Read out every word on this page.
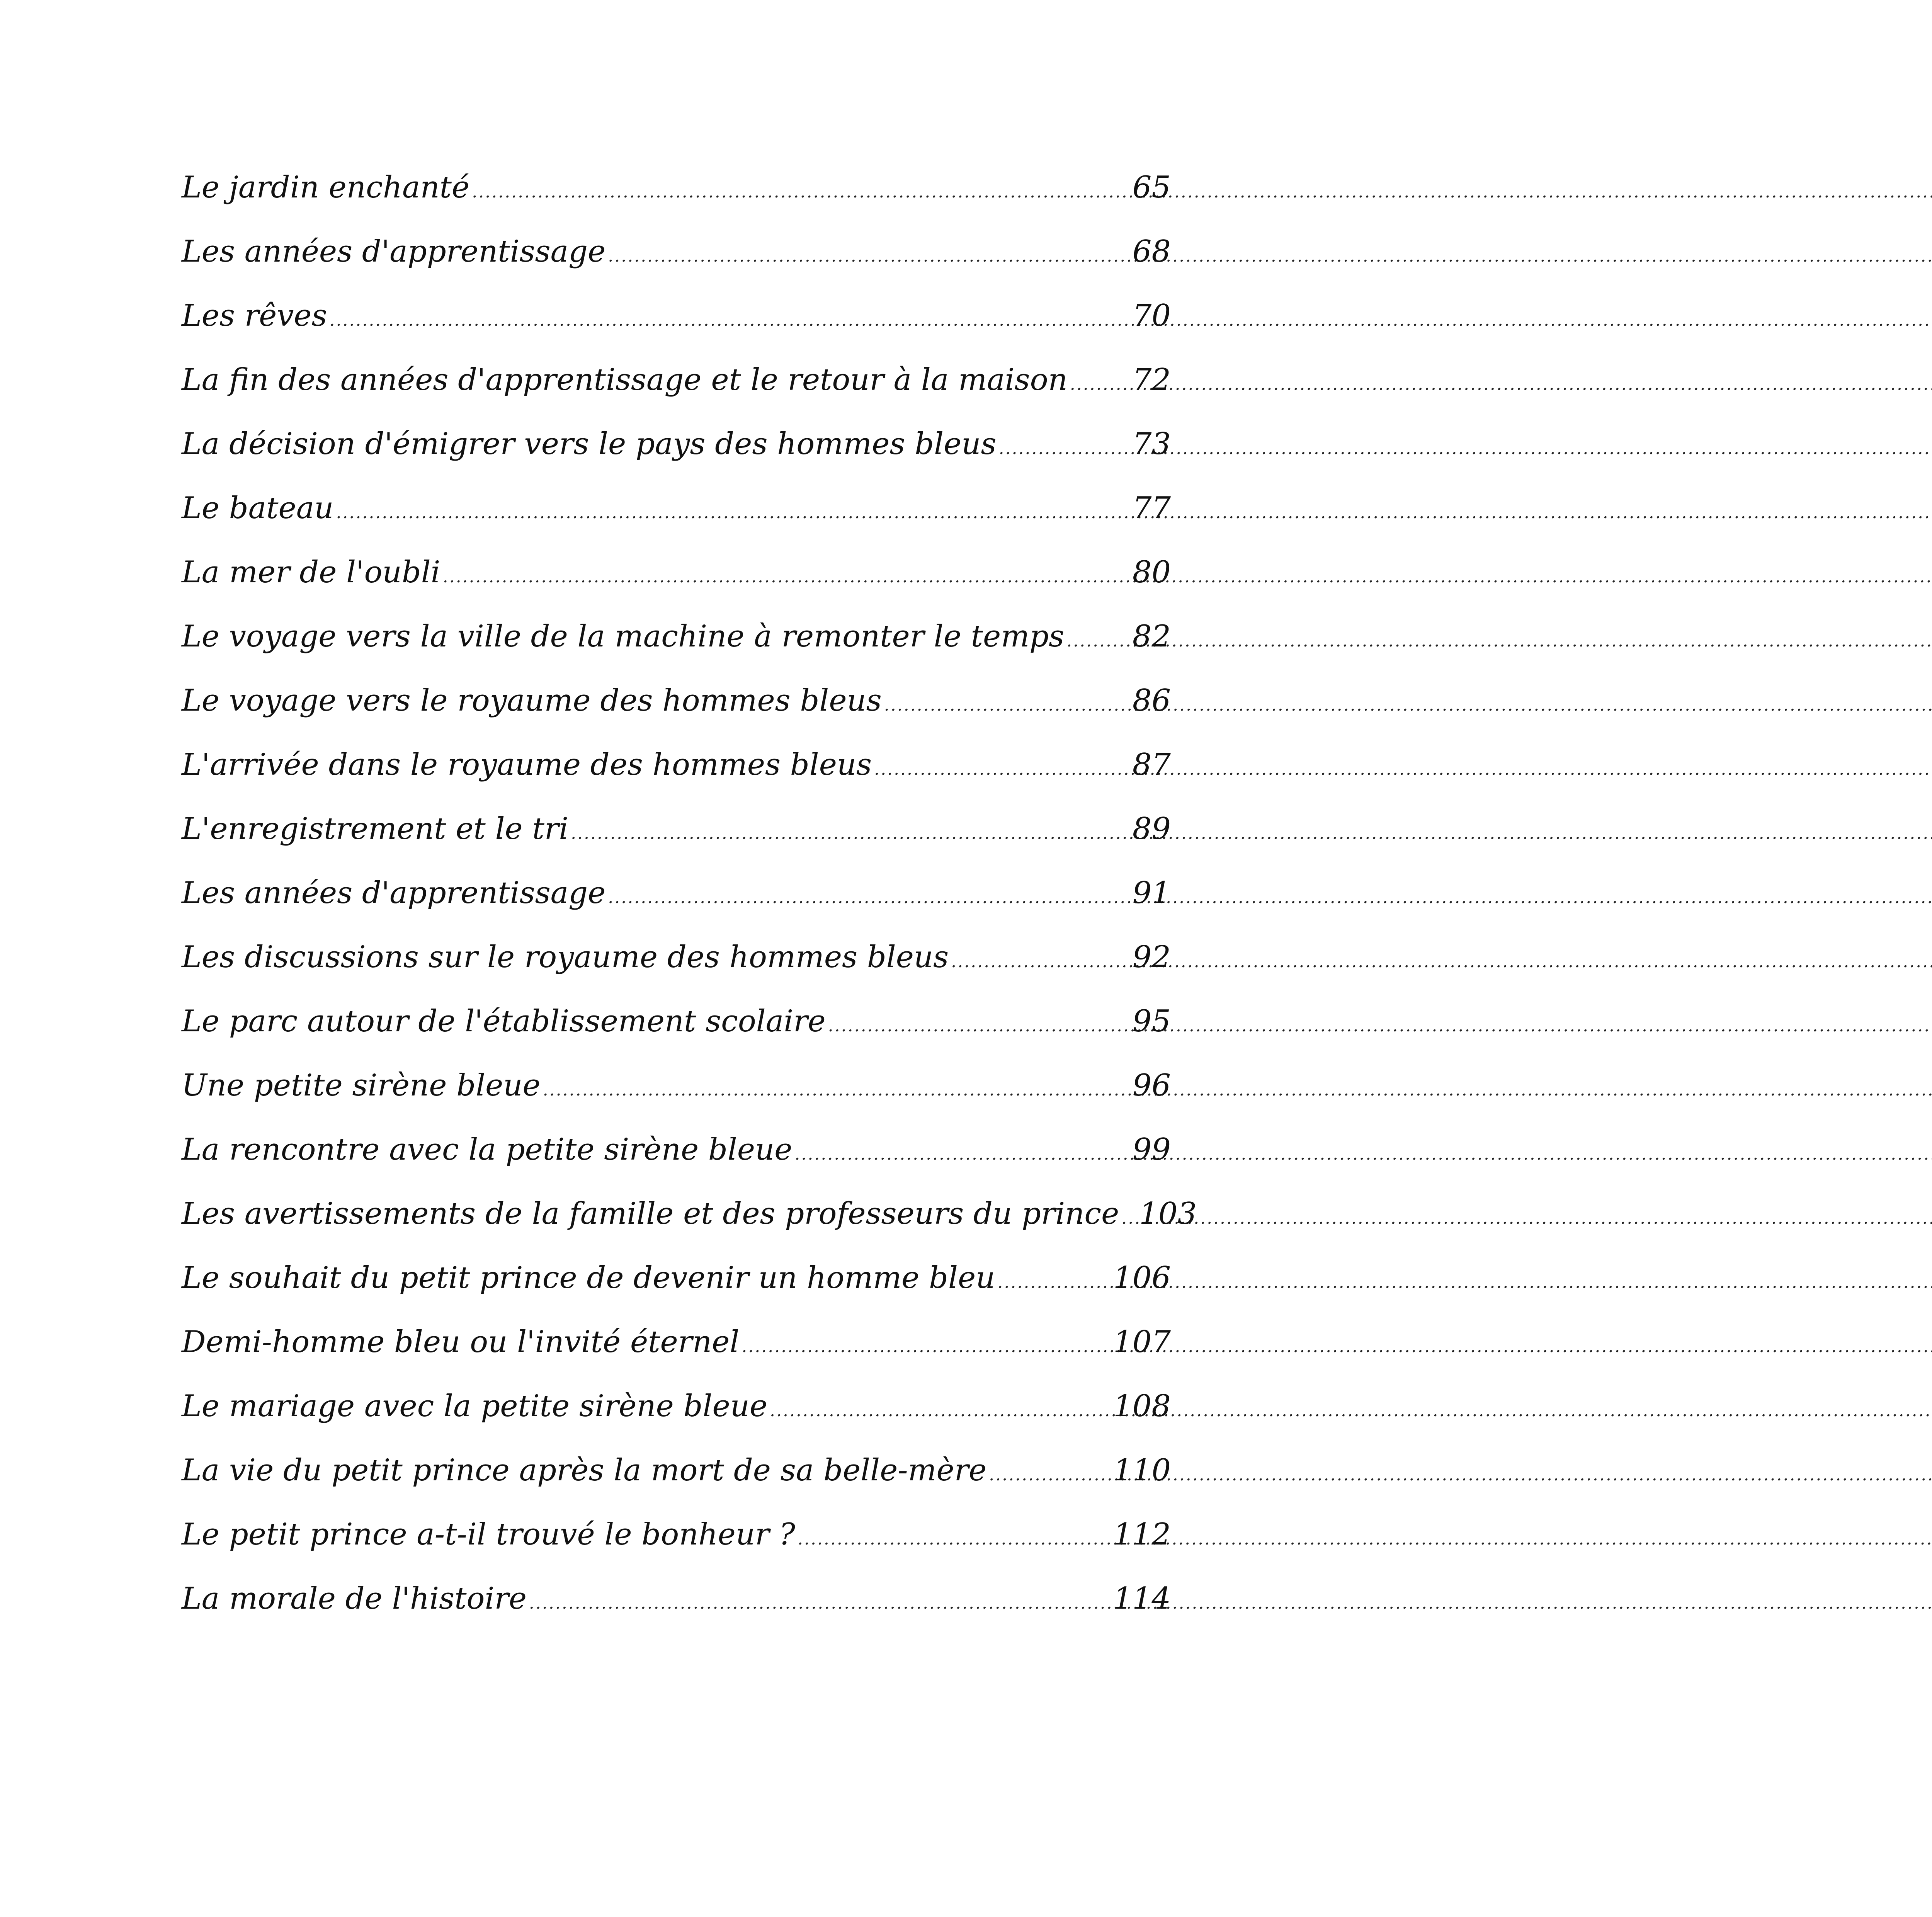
Le jardin enchanté .....	65
Les années d'apprentissage .....	68
Les rêves .....	70
La fin des années d'apprentissage et le retour à la maison ..... 72
La décision d'émigrer vers le pays des hommes bleus .....	73
Le bateau .....	77
La mer de l'oubli .....	80
Le voyage vers la ville de la machine à remonter le temps ..... 82
Le voyage vers le royaume des hommes bleus .....	86
L'arrivée dans le royaume des hommes bleus .....	87
L'enregistrement et le tri .....	89
Les années d'apprentissage .....	91
Les discussions sur le royaume des hommes bleus .....	92
Le parc autour de l'établissement scolaire .....	95
Une petite sirène bleue .....	96
La rencontre avec la petite sirène bleue .....	99
Les avertissements de la famille et des professeurs du prince ..... 103
Le souhait du petit prince de devenir un homme bleu .....	106
Demi-homme bleu ou l'invité éternel .....	107
Le mariage avec la petite sirène bleue .....	108
La vie du petit prince après la mort de sa belle-mère .....	110
Le petit prince a-t-il trouvé le bonheur ? .....	112
La morale de l'histoire .....	114
